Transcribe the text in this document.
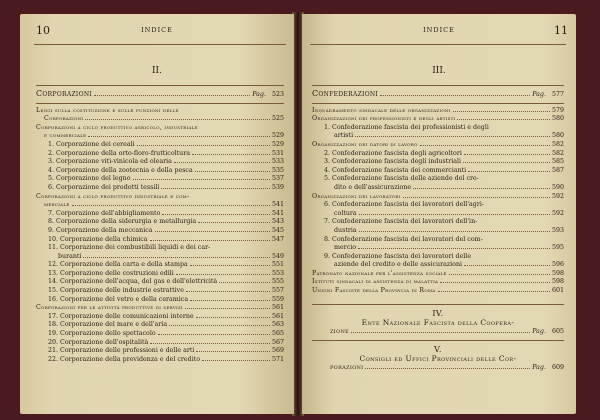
10	INDICE
II.
Corporazioni	Pag. 523
Leggi sulla costituzione e sulle funzioni delle
Corporazioni	525
Corporazioni a ciclo produttivo agricolo, industriale
e commerciale	529
1. Corporazione dei cereali	529
2. Corporazione della orto-floro-frutticoltura	531
3. Corporazione viti-vinicola ed olearia	533
4. Corporazione della zootecnia e della pesca	535
5. Corporazione del legno	537
6. Corporazione dei prodotti tessili	539
Corporazioni a ciclo produttivo industriale e com-
merciale	541
7. Corporazione dell'abbigliamento	541
8. Corporazione della siderurgia e metallurgia	543
9. Corporazione della meccanica	545
10. Corporazione della chimica	547
11. Corporazione dei combustibili liquidi e dei car-
buranti	549
12. Corporazione della carta e della stampa	551
13. Corporazione delle costruzioni edili	553
14. Corporazione dell'acqua, del gas e dell'elettricità	555
15. Corporazione delle industrie estrattive	557
16. Corporazione del vetro e della ceramica	559
Corporazioni per le attività produttive di servizi	561
17. Corporazione delle comunicazioni interne	561
18. Corporazione del mare e dell'aria	563
19. Corporazione dello spettacolo	565
20. Corporazione dell'ospitalità	567
21. Corporazione delle professioni e delle arti	569
22. Corporazione della previdenza e del credito	571
INDICE	11
III.
Confederazioni	Pag. 577
Inquadramento sindacale delle organizzazioni	579
Organizzazioni dei professionisti e degli artisti	580
1. Confederazione fascista dei professionisti e degli
artisti	580
Organizzazioni dei datori di lavoro	582
2. Confederazione fascista degli agricoltori	582
3. Confederazione fascista degli industriali	585
4. Confederazione fascista dei commercianti	587
5. Confederazione fascista delle aziende del cre-
dito e dell'assicurazione	590
Organizzazioni dei lavoratori	592
6. Confederazione fascista dei lavoratori dell'agri-
coltura	592
7. Confederazione fascista dei lavoratori dell'in-
dustria	593
8. Confederazione fascista dei lavoratori del com-
mercio	595
9. Confederazione fascista dei lavoratori delle
aziende del credito e delle assicurazioni	596
Patronato nazionale per l'assistenza sociale	598
Istituti sindacali di assistenza di malattia	598
Unioni Fasciste della Provincia di Roma	601
IV.
Ente Nazionale Fascista della Coopera-
zione	Pag. 605
V.
Consigli ed Uffici Provinciali delle Cor-
porazioni	Pag. 609
